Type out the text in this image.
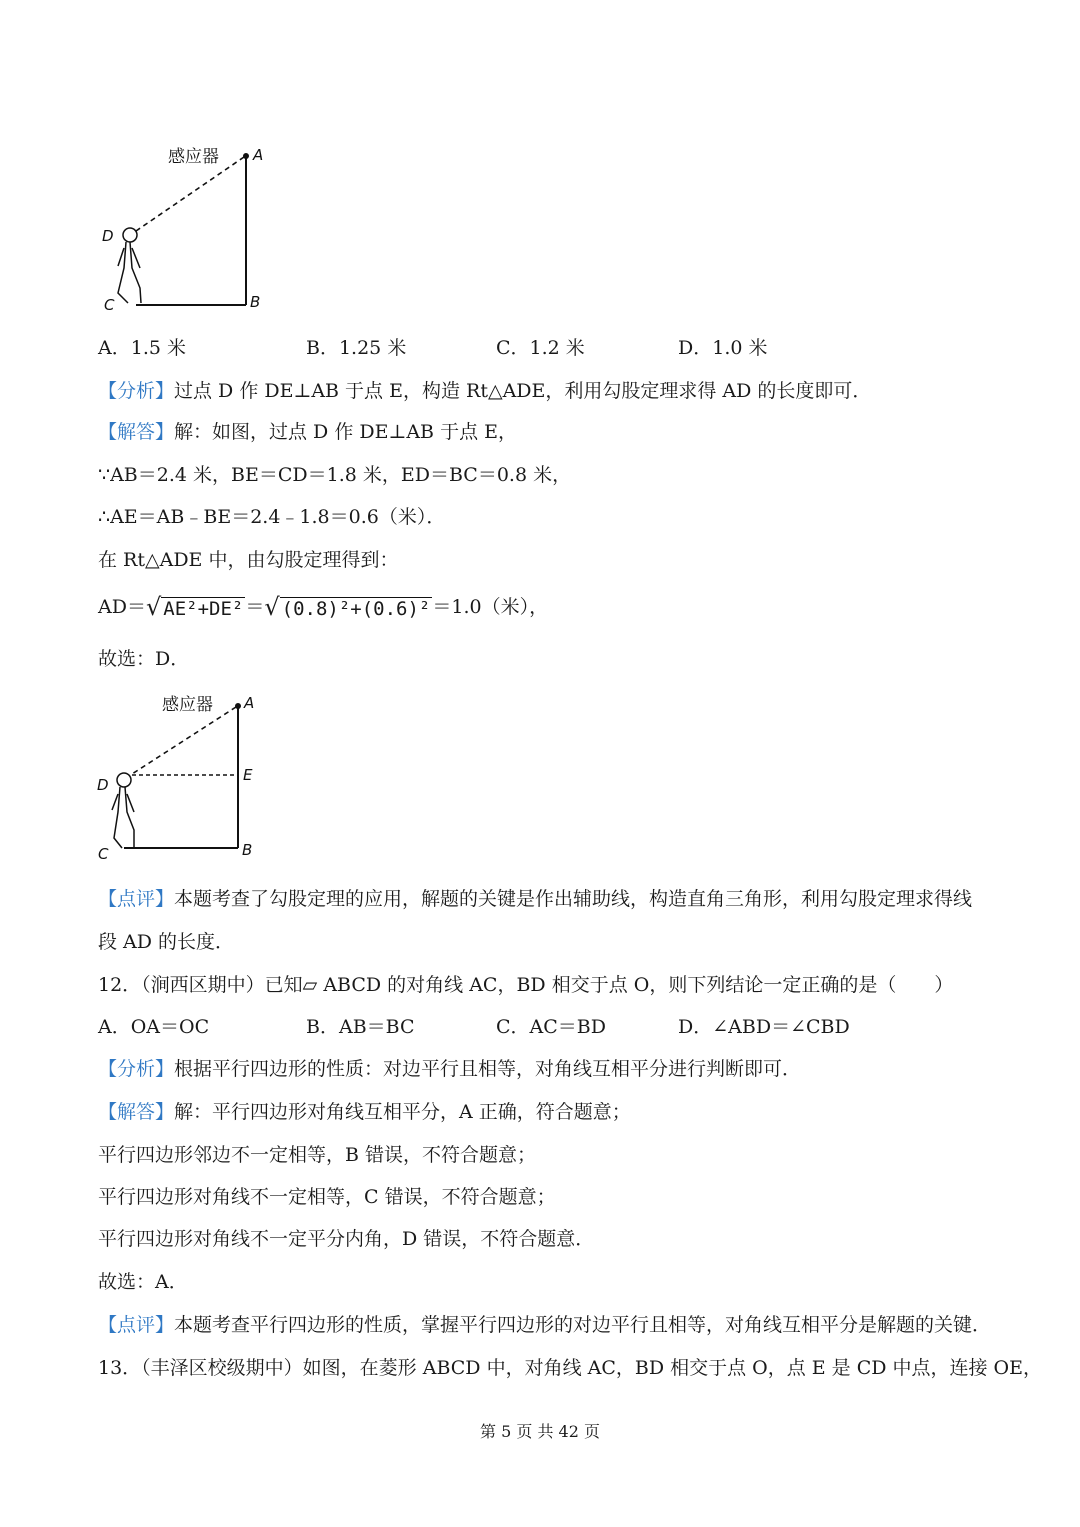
感应器 A
B
C
D
A．1.5 米	B．1.25 米	C．1.2 米	D．1.0 米
【分析】过点 D 作 DE⊥AB 于点 E，构造 Rt△ADE，利用勾股定理求得 AD 的长度即可．
【解答】解：如图，过点 D 作 DE⊥AB 于点 E，
∵AB＝2.4 米，BE＝CD＝1.8 米，ED＝BC＝0.8 米，
∴AE＝AB﹣BE＝2.4﹣1.8＝0.6（米）．
在 Rt△ADE 中，由勾股定理得到：
AD＝√ AE²+DE² ＝√ (0.8)²+(0.6)² ＝1.0（米），
故选：D．
感应器 A
E
B
C
D
【点评】本题考查了勾股定理的应用，解题的关键是作出辅助线，构造直角三角形，利用勾股定理求得线
段 AD 的长度．
12．（涧西区期中）已知▱ ABCD 的对角线 AC，BD 相交于点 O，则下列结论一定正确的是（　　）
A．OA＝OC	B．AB＝BC	C．AC＝BD	D．∠ABD＝∠CBD
【分析】根据平行四边形的性质：对边平行且相等，对角线互相平分进行判断即可．
【解答】解：平行四边形对角线互相平分，A 正确，符合题意；
平行四边形邻边不一定相等，B 错误，不符合题意；
平行四边形对角线不一定相等，C 错误，不符合题意；
平行四边形对角线不一定平分内角，D 错误，不符合题意．
故选：A．
【点评】本题考查平行四边形的性质，掌握平行四边形的对边平行且相等，对角线互相平分是解题的关键．
13．（丰泽区校级期中）如图，在菱形 ABCD 中，对角线 AC，BD 相交于点 O，点 E 是 CD 中点，连接 OE，
第 5 页 共 42 页
